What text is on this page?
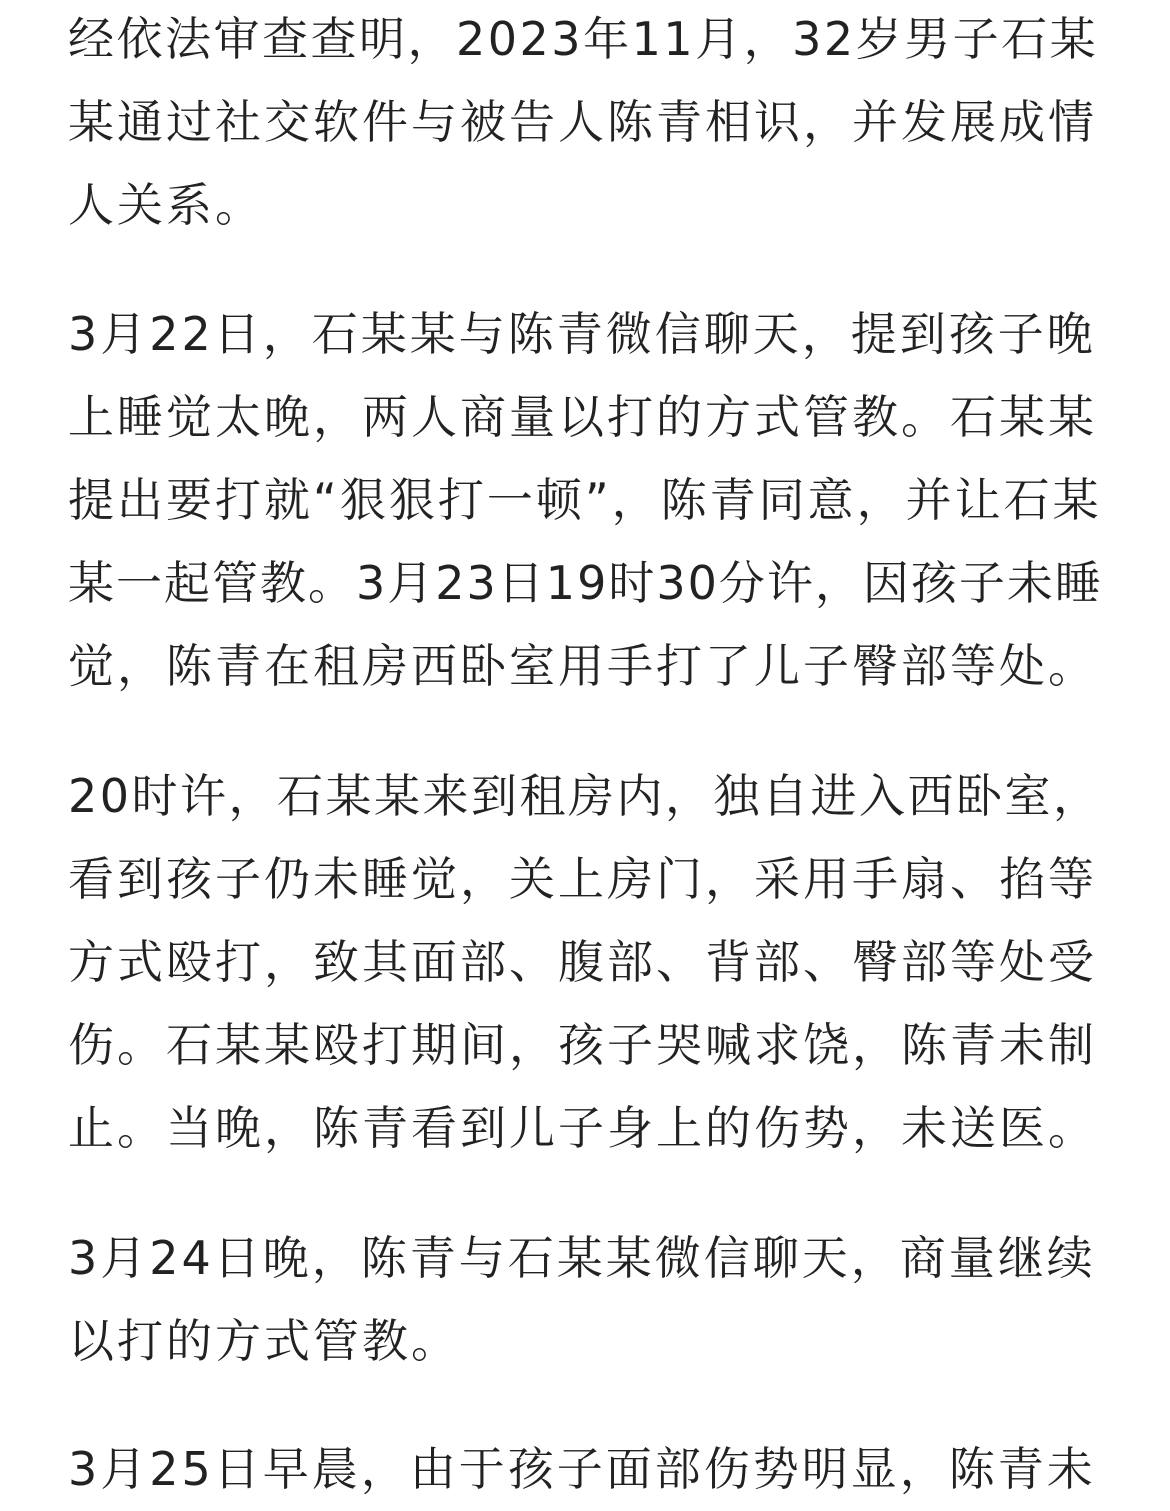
经依法审查查明，2023年11月，32岁男子石某
某通过社交软件与被告人陈青相识，并发展成情
人关系。

3月22日，石某某与陈青微信聊天，提到孩子晚
上睡觉太晚，两人商量以打的方式管教。石某某
提出要打就“狠狠打一顿”，陈青同意，并让石某
某一起管教。3月23日19时30分许，因孩子未睡
觉，陈青在租房西卧室用手打了儿子臀部等处。

20时许，石某某来到租房内，独自进入西卧室，
看到孩子仍未睡觉，关上房门，采用手扇、掐等
方式殴打，致其面部、腹部、背部、臀部等处受
伤。石某某殴打期间，孩子哭喊求饶，陈青未制
止。当晚，陈青看到儿子身上的伤势，未送医。

3月24日晚，陈青与石某某微信聊天，商量继续
以打的方式管教。

3月25日早晨，由于孩子面部伤势明显，陈青未
